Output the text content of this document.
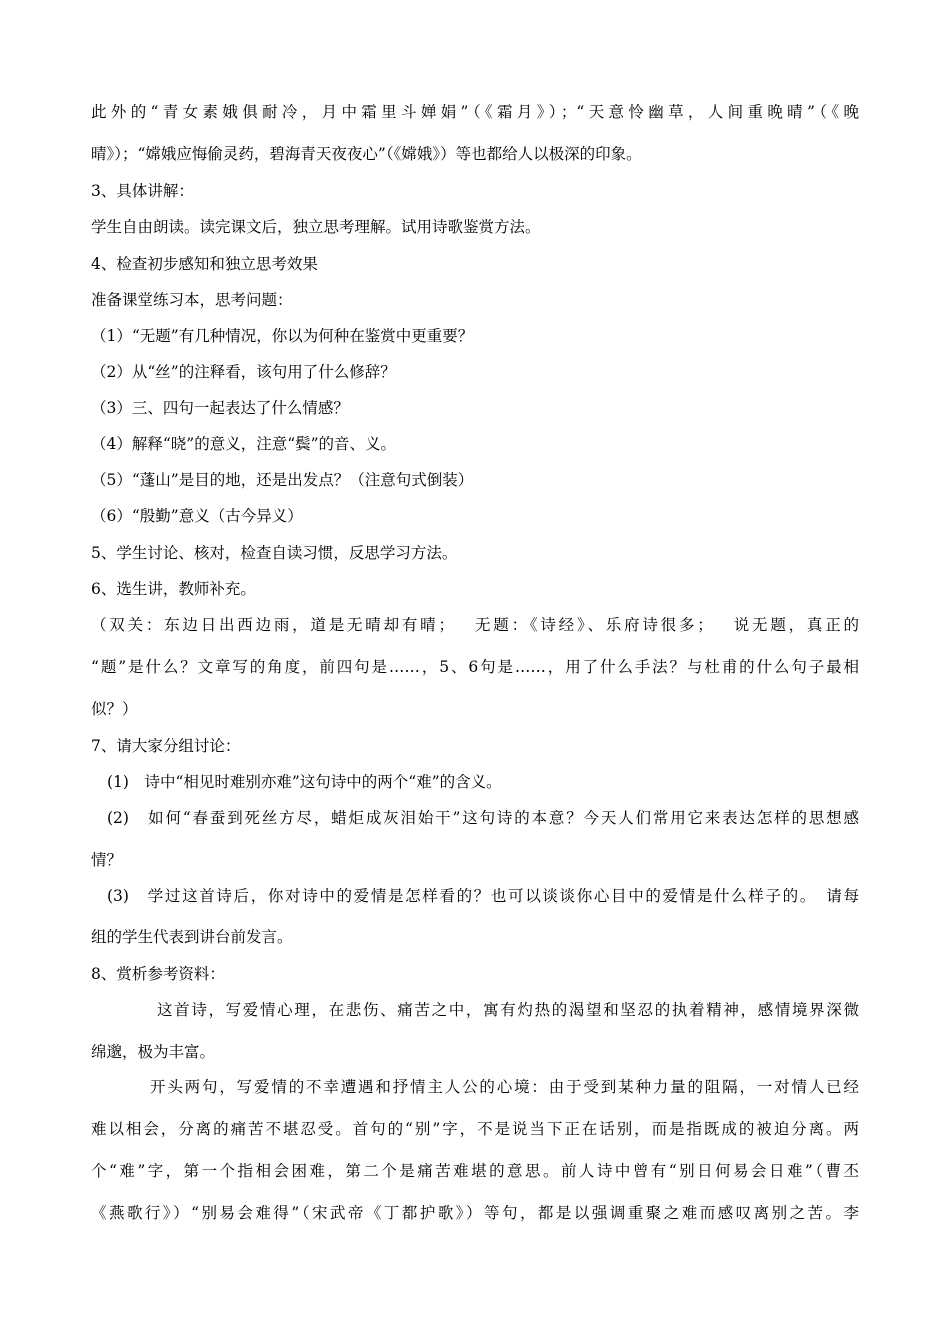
此外的“青女素娥俱耐冷，月中霜里斗婵娟”（《霜月》）；“天意怜幽草，人间重晚晴”（《晚
晴》）；“嫦娥应悔偷灵药，碧海青天夜夜心”（《嫦娥》）等也都给人以极深的印象。
3、具体讲解：
学生自由朗读。读完课文后，独立思考理解。试用诗歌鉴赏方法。
4、检查初步感知和独立思考效果
准备课堂练习本，思考问题：
（1）“无题”有几种情况，你以为何种在鉴赏中更重要？
（2）从“丝”的注释看，该句用了什么修辞？
（3）三、四句一起表达了什么情感？
（4）解释“晓”的意义，注意“鬓”的音、义。
（5）“蓬山”是目的地，还是出发点？（注意句式倒装）
（6）“殷勤”意义（古今异义）
5、学生讨论、核对，检查自读习惯，反思学习方法。
6、选生讲，教师补充。
（双关：东边日出西边雨，道是无晴却有晴；　 无题：《诗经》、乐府诗很多；　 说无题，真正的
“题”是什么？文章写的角度，前四句是……，5、6句是……，用了什么手法？与杜甫的什么句子最相
似？）
7、请大家分组讨论：
(1)　诗中“相见时难别亦难”这句诗中的两个“难”的含义。
(2)　如何“春蚕到死丝方尽，蜡炬成灰泪始干”这句诗的本意？今天人们常用它来表达怎样的思想感
情？
(3)　学过这首诗后，你对诗中的爱情是怎样看的？也可以谈谈你心目中的爱情是什么样子的。　请每
组的学生代表到讲台前发言。
8、赏析参考资料：
这首诗，写爱情心理，在悲伤、痛苦之中，寓有灼热的渴望和坚忍的执着精神，感情境界深微
绵邈，极为丰富。
开头两句，写爱情的不幸遭遇和抒情主人公的心境：由于受到某种力量的阻隔，一对情人已经
难以相会，分离的痛苦不堪忍受。首句的“别”字，不是说当下正在话别，而是指既成的被迫分离。两
个“难”字，第一个指相会困难，第二个是痛苦难堪的意思。前人诗中曾有“别日何易会日难”（曹丕
《燕歌行》）“别易会难得”（宋武帝《丁都护歌》）等句，都是以强调重聚之难而感叹离别之苦。李
